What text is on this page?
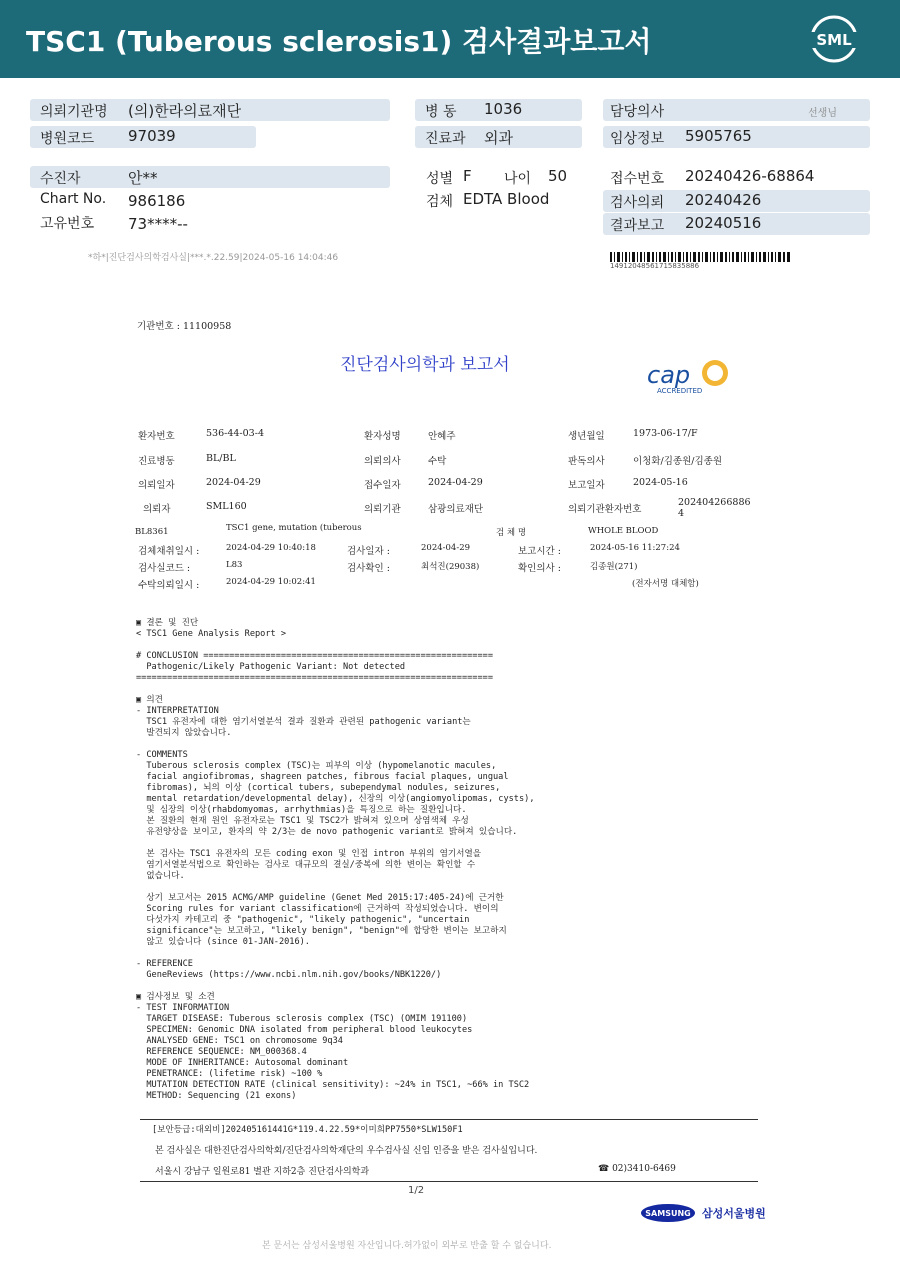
TSC1 (Tuberous sclerosis1) 검사결과보고서	SML
의뢰기관명 (의)한라의료재단
병원코드 97039
병 동 1036
진료과 외과
담당의사	선생님
임상정보 5905765
수진자	안**
Chart No. 986186
고유번호 73****--
성별 F 나이 50
검체 EDTA Blood
접수번호 20240426-68864
검사의뢰 20240426
결과보고 20240516
*하*|진단검사의학검사실|***.*.22.59|2024-05-16 14:04:46
14912048561715835886
기관번호 : 11100958
진단검사의학과 보고서	cap
ACCREDITED
환자번호	536-44-03-4	환자성명	안혜주	생년월일	1973-06-17/F
진료병동	BL/BL	의뢰의사	수탁	판독의사	이청화/김종원/김종원
의뢰일자	2024-04-29	접수일자	2024-04-29	보고일자	2024-05-16
의뢰자	SML160	의뢰기관	삼광의료재단	의뢰기관환자번호
202404266886 4
BL8361	TSC1 gene, mutation (tuberous	검 체 명	WHOLE BLOOD
검체채취일시 :	2024-04-29 10:40:18	검사일자 :	2024-04-29	보고시간 :	2024-05-16 11:27:24
검사실코드 :	L83	검사확인 :	최석진(29038)	확인의사 :	김종원(271)
수탁의뢰일시 :	2024-04-29 10:02:41	(전자서명 대체함)
▣ 결론 및 진단
< TSC1 Gene Analysis Report >

# CONCLUSION ========================================================
Pathogenic/Likely Pathogenic Variant: Not detected
=====================================================================

▣ 의견
- INTERPRETATION
TSC1 유전자에 대한 염기서열분석 결과 질환과 관련된 pathogenic variant는
발견되지 않았습니다.

- COMMENTS
Tuberous sclerosis complex (TSC)는 피부의 이상 (hypomelanotic macules,
facial angiofibromas, shagreen patches, fibrous facial plaques, ungual
fibromas), 뇌의 이상 (cortical tubers, subependymal nodules, seizures,
mental retardation/developmental delay), 신장의 이상(angiomyolipomas, cysts),
및 심장의 이상(rhabdomyomas, arrhythmias)을 특징으로 하는 질환입니다.
본 질환의 현재 원인 유전자로는 TSC1 및 TSC2가 밝혀져 있으며 상염색체 우성
유전양상을 보이고, 환자의 약 2/3는 de novo pathogenic variant로 밝혀져 있습니다.

본 검사는 TSC1 유전자의 모든 coding exon 및 인접 intron 부위의 염기서열을
염기서열분석법으로 확인하는 검사로 대규모의 결실/중복에 의한 변이는 확인할 수
없습니다.

상기 보고서는 2015 ACMG/AMP guideline (Genet Med 2015:17:405-24)에 근거한
Scoring rules for variant classification에 근거하여 작성되었습니다. 변이의
다섯가지 카테고리 중 "pathogenic", "likely pathogenic", "uncertain
significance"는 보고하고, "likely benign", "benign"에 합당한 변이는 보고하지
않고 있습니다 (since 01-JAN-2016).

- REFERENCE
GeneReviews (https://www.ncbi.nlm.nih.gov/books/NBK1220/)

▣ 검사정보 및 소견
- TEST INFORMATION
TARGET DISEASE: Tuberous sclerosis complex (TSC) (OMIM 191100)
SPECIMEN: Genomic DNA isolated from peripheral blood leukocytes
ANALYSED GENE: TSC1 on chromosome 9q34
REFERENCE SEQUENCE: NM_000368.4
MODE OF INHERITANCE: Autosomal dominant
PENETRANCE: (lifetime risk) ~100 %
MUTATION DETECTION RATE (clinical sensitivity): ~24% in TSC1, ~66% in TSC2
METHOD: Sequencing (21 exons)
[보안등급:대외비]202405161441G*119.4.22.59*이미희PP7550*SLW150F1
본 검사실은 대한진단검사의학회/진단검사의학재단의 우수검사실 신임 인증을 받은 검사실입니다.
서울시 강남구 일원로81 별관 지하2층 진단검사의학과	☎ 02)3410-6469
1/2
SAMSUNG 삼성서울병원
본 문서는 삼성서울병원 자산입니다.허가없이 외부로 반출 할 수 없습니다.
